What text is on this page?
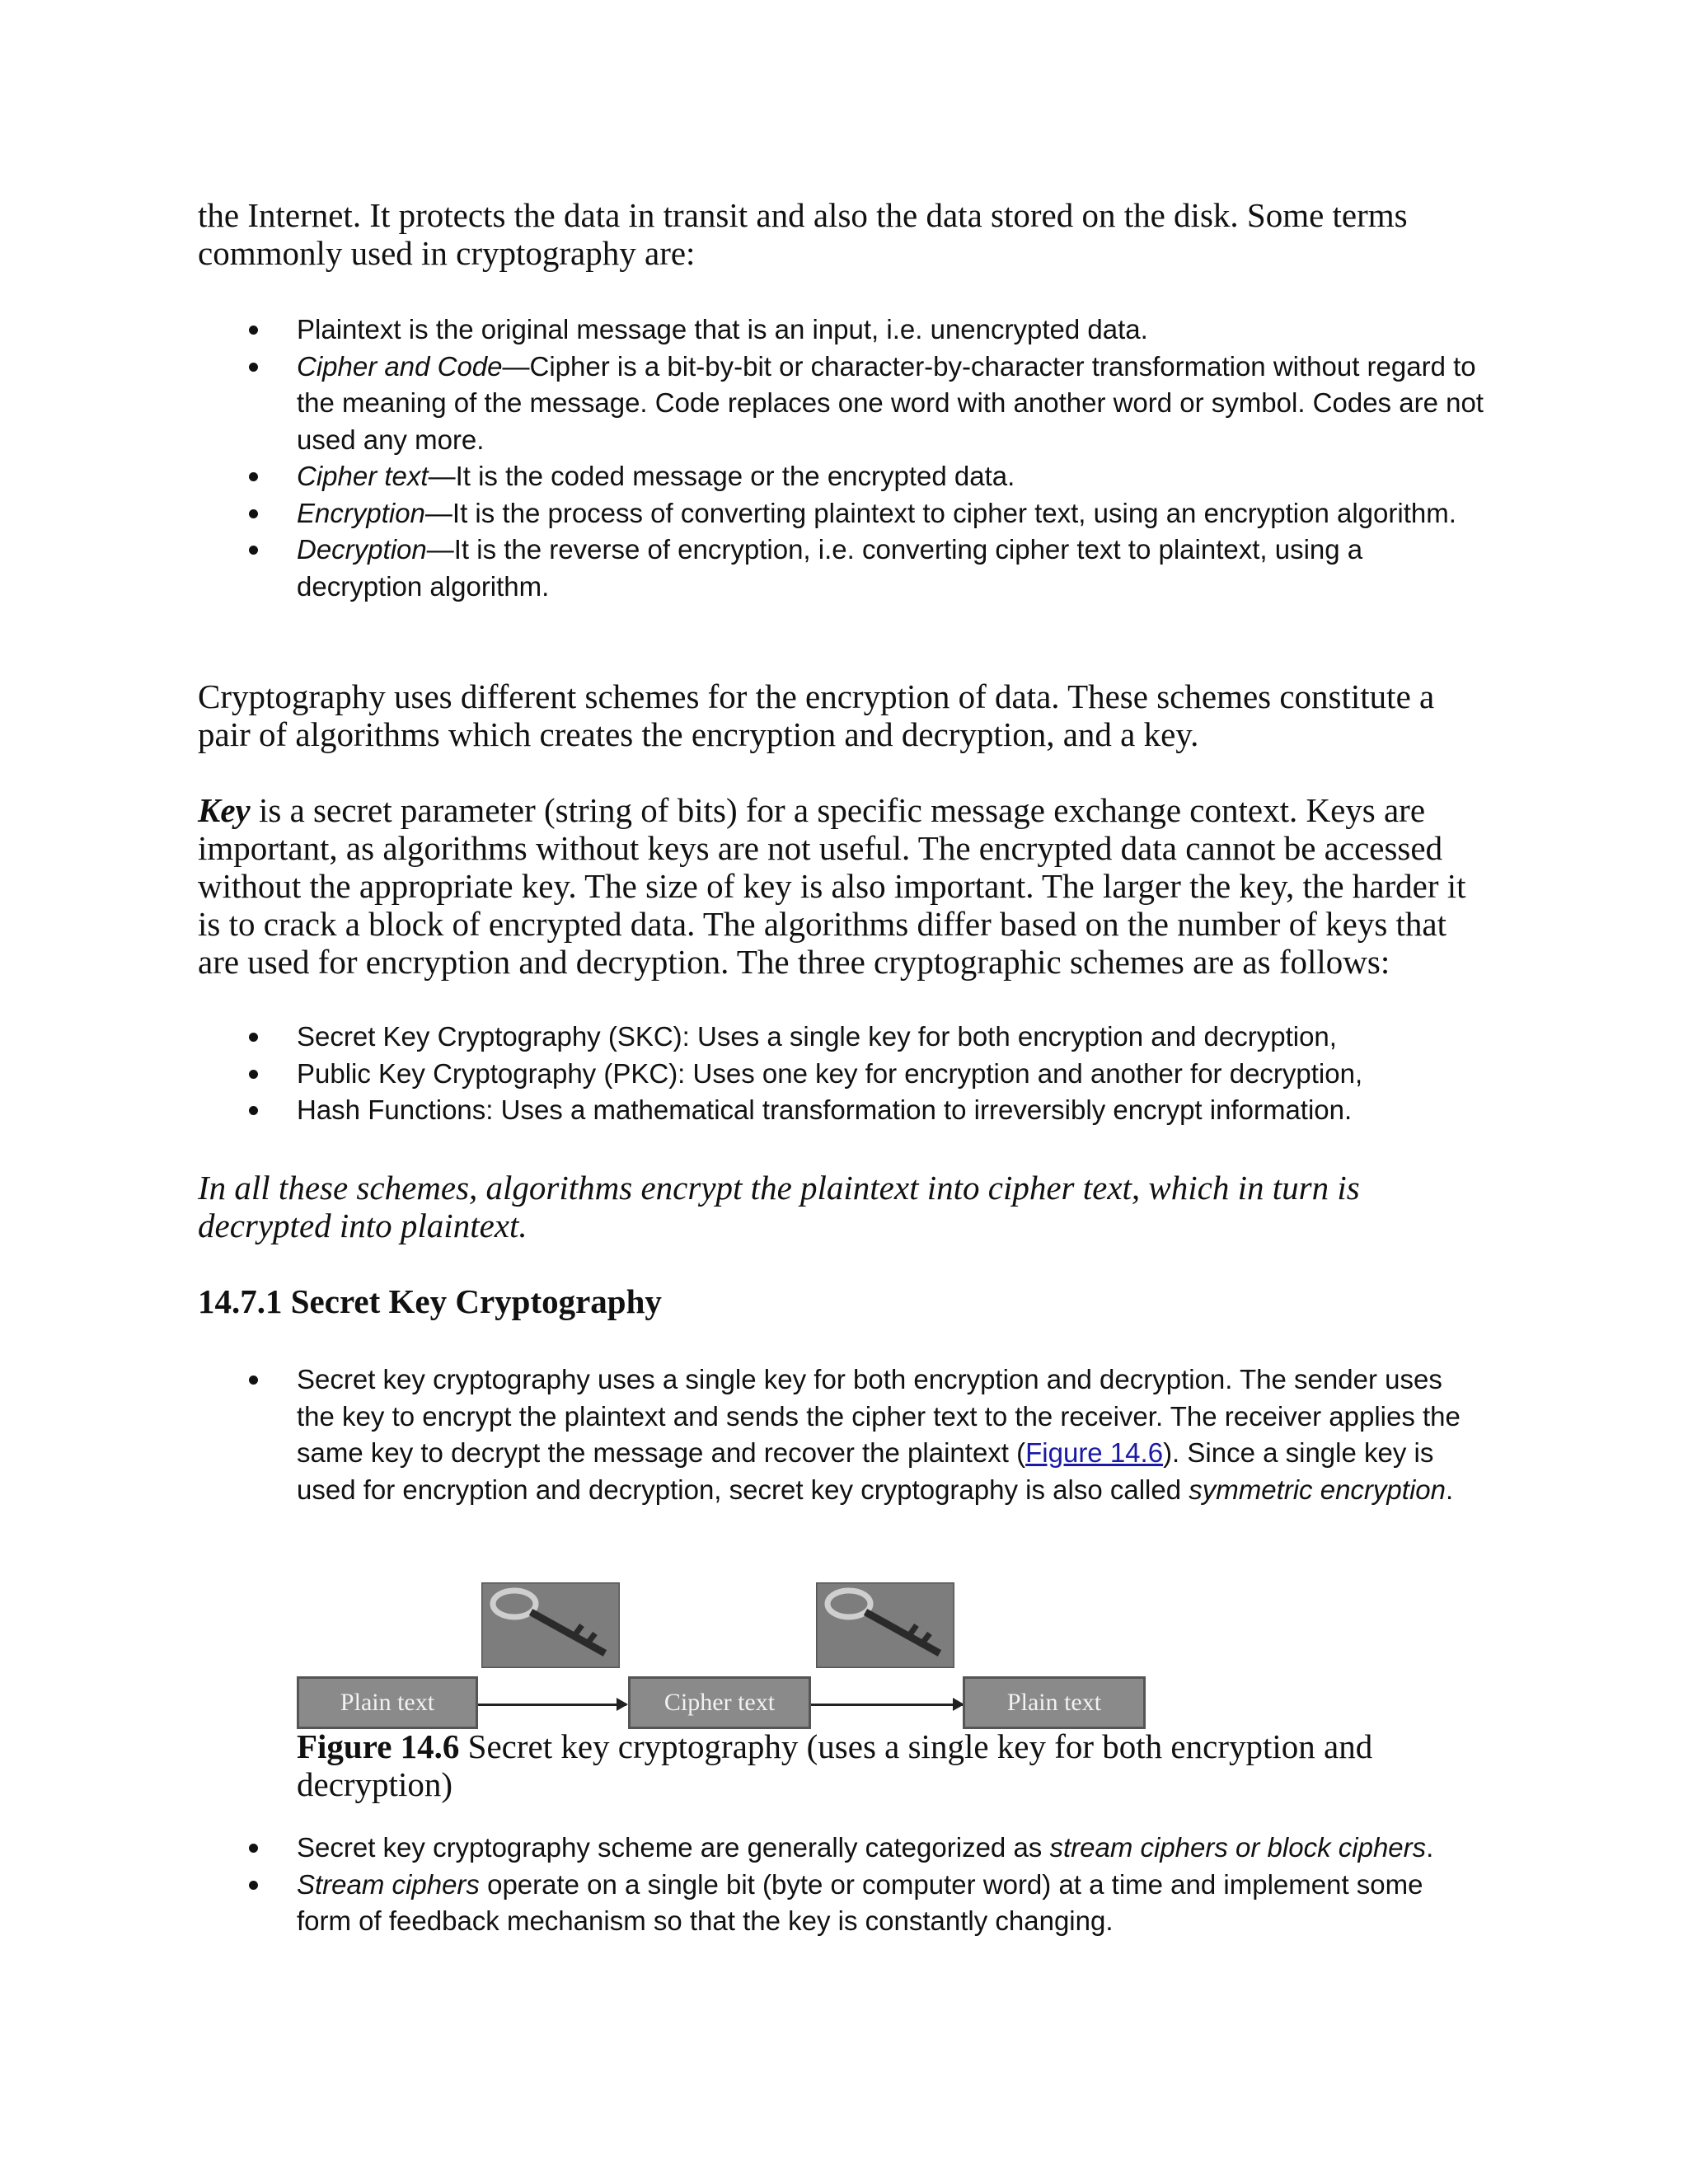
the Internet. It protects the data in transit and also the data stored on the disk. Some terms
commonly used in cryptography are:

Plaintext is the original message that is an input, i.e. unencrypted data.
Cipher and Code—Cipher is a bit-by-bit or character-by-character transformation without regard to the meaning of the message. Code replaces one word with another word or symbol. Codes are not used any more.
Cipher text—It is the coded message or the encrypted data.
Encryption—It is the process of converting plaintext to cipher text, using an encryption algorithm.
Decryption—It is the reverse of encryption, i.e. converting cipher text to plaintext, using a decryption algorithm.

Cryptography uses different schemes for the encryption of data. These schemes constitute a pair of algorithms which creates the encryption and decryption, and a key.

Key is a secret parameter (string of bits) for a specific message exchange context. Keys are important, as algorithms without keys are not useful. The encrypted data cannot be accessed without the appropriate key. The size of key is also important. The larger the key, the harder it is to crack a block of encrypted data. The algorithms differ based on the number of keys that are used for encryption and decryption. The three cryptographic schemes are as follows:

Secret Key Cryptography (SKC): Uses a single key for both encryption and decryption,
Public Key Cryptography (PKC): Uses one key for encryption and another for decryption,
Hash Functions: Uses a mathematical transformation to irreversibly encrypt information.

In all these schemes, algorithms encrypt the plaintext into cipher text, which in turn is decrypted into plaintext.

14.7.1 Secret Key Cryptography
Secret key cryptography uses a single key for both encryption and decryption. The sender uses the key to encrypt the plaintext and sends the cipher text to the receiver. The receiver applies the same key to decrypt the message and recover the plaintext (Figure 14.6). Since a single key is used for encryption and decryption, secret key cryptography is also called symmetric encryption.
Plain text	Cipher text	Plain text

Figure 14.6 Secret key cryptography (uses a single key for both encryption and decryption)

Secret key cryptography scheme are generally categorized as stream ciphers or block ciphers.
Stream ciphers operate on a single bit (byte or computer word) at a time and implement some form of feedback mechanism so that the key is constantly changing.
